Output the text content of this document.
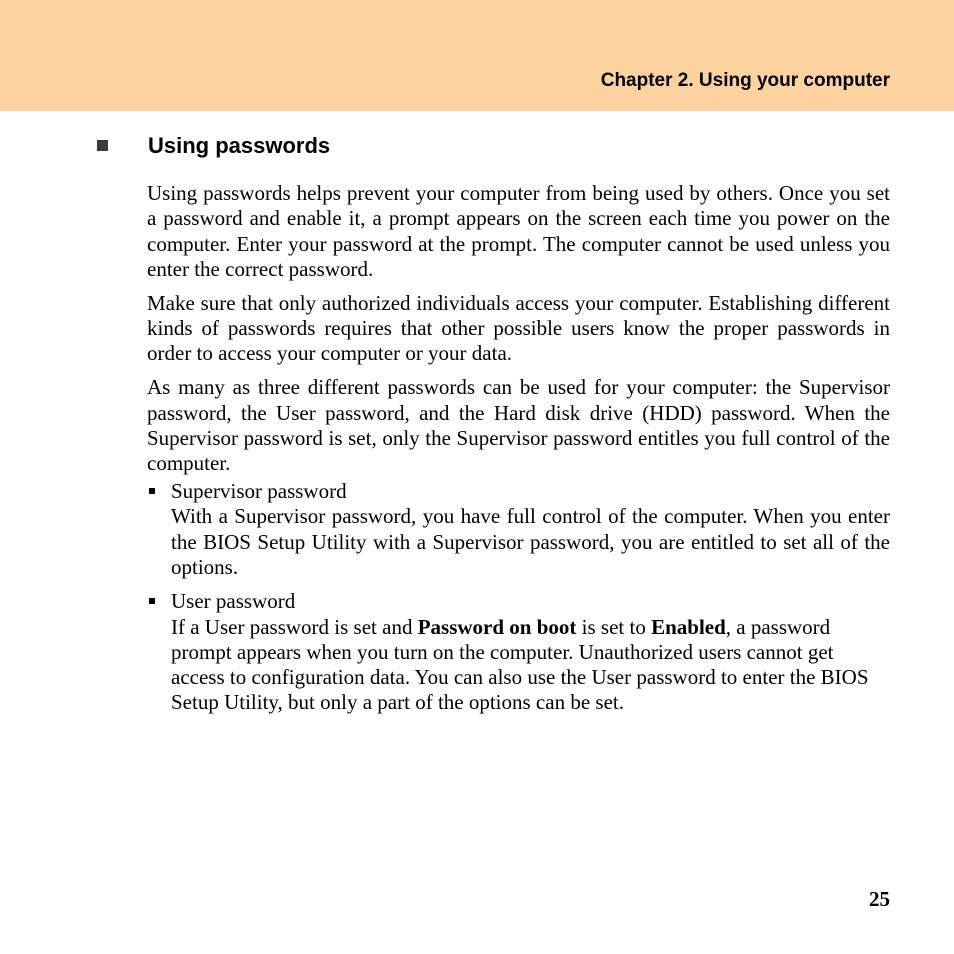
Chapter 2. Using your computer
Using passwords

Using passwords helps prevent your computer from being used by others. Once you set a password and enable it, a prompt appears on the screen each time you power on the computer. Enter your password at the prompt. The computer cannot be used unless you enter the correct password.

Make sure that only authorized individuals access your computer. Establishing different kinds of passwords requires that other possible users know the proper passwords in order to access your computer or your data.

As many as three different passwords can be used for your computer: the Supervisor password, the User password, and the Hard disk drive (HDD) password. When the Supervisor password is set, only the Supervisor password entitles you full control of the computer.

Supervisor password
With a Supervisor password, you have full control of the computer. When you enter the BIOS Setup Utility with a Supervisor password, you are entitled to set all of the options.
User password
If a User password is set and Password on boot is set to Enabled, a password prompt appears when you turn on the computer. Unauthorized users cannot get access to configuration data. You can also use the User password to enter the BIOS Setup Utility, but only a part of the options can be set.
25
